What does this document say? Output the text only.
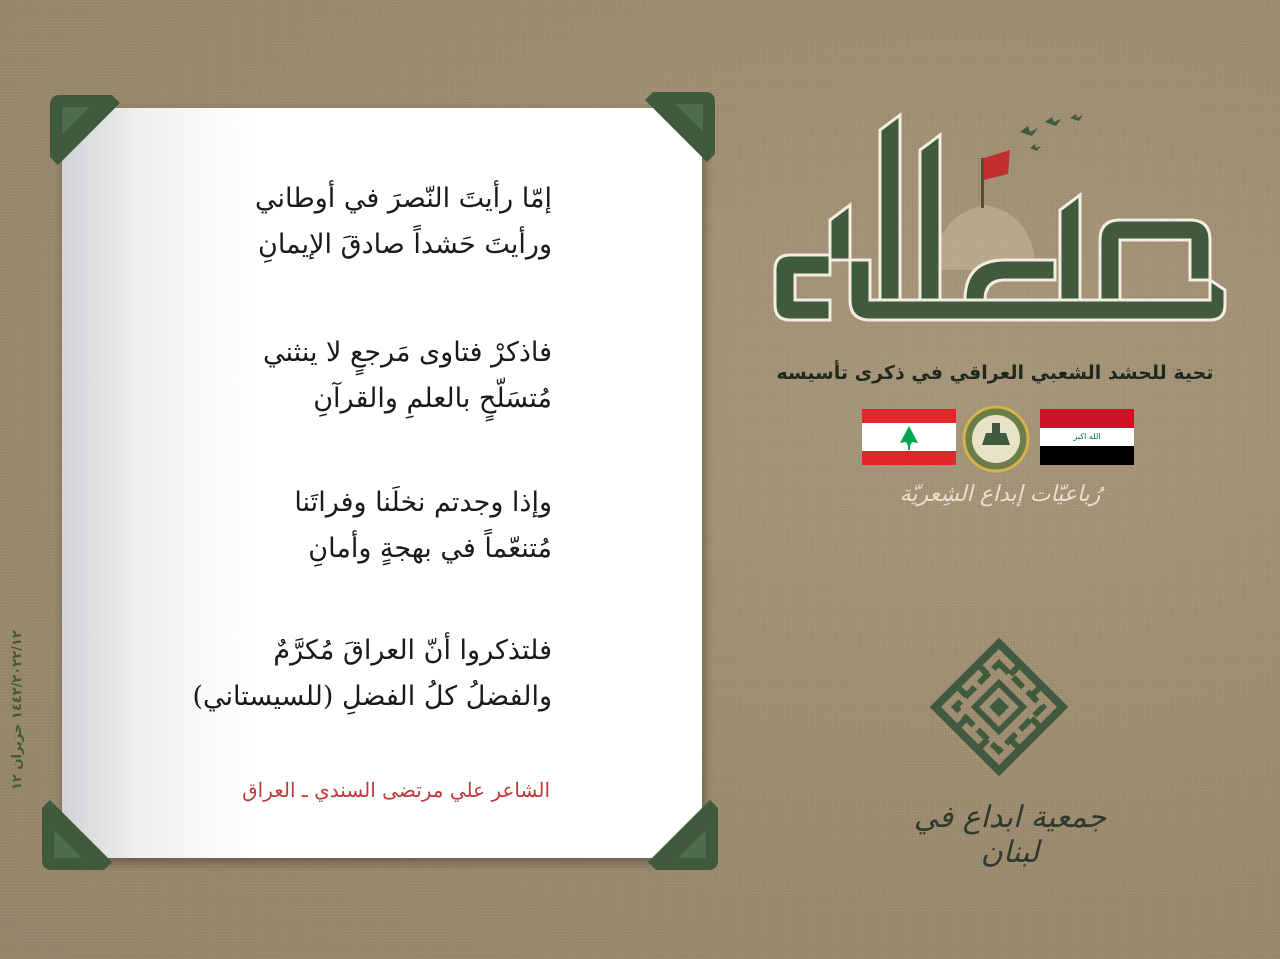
إمّا رأيتَ النّصرَ في أوطاني
ورأيتَ حَشداً صادقَ الإيمانِ
فاذكرْ فتاوى مَرجعٍ لا ينثني
مُتسَلّحٍ بالعلمِ والقرآنِ
وإذا وجدتم نخلَنا وفراتَنا
مُتنعّماً في بهجةٍ وأمانِ
فلتذكروا أنّ العراقَ مُكرَّمٌ
والفضلُ كلُ الفضلِ (للسيستاني)
الشاعر علي مرتضى السندي ـ العراق
١٤٤٢/٢٠٢٢/١٢ حزيران ١٢
تحية للحشد الشعبي العراقي في ذكرى تأسيسه
الله اكبر
رُباعيّات إبداع الشِعريّة
جمعية ابداع في لبنان
